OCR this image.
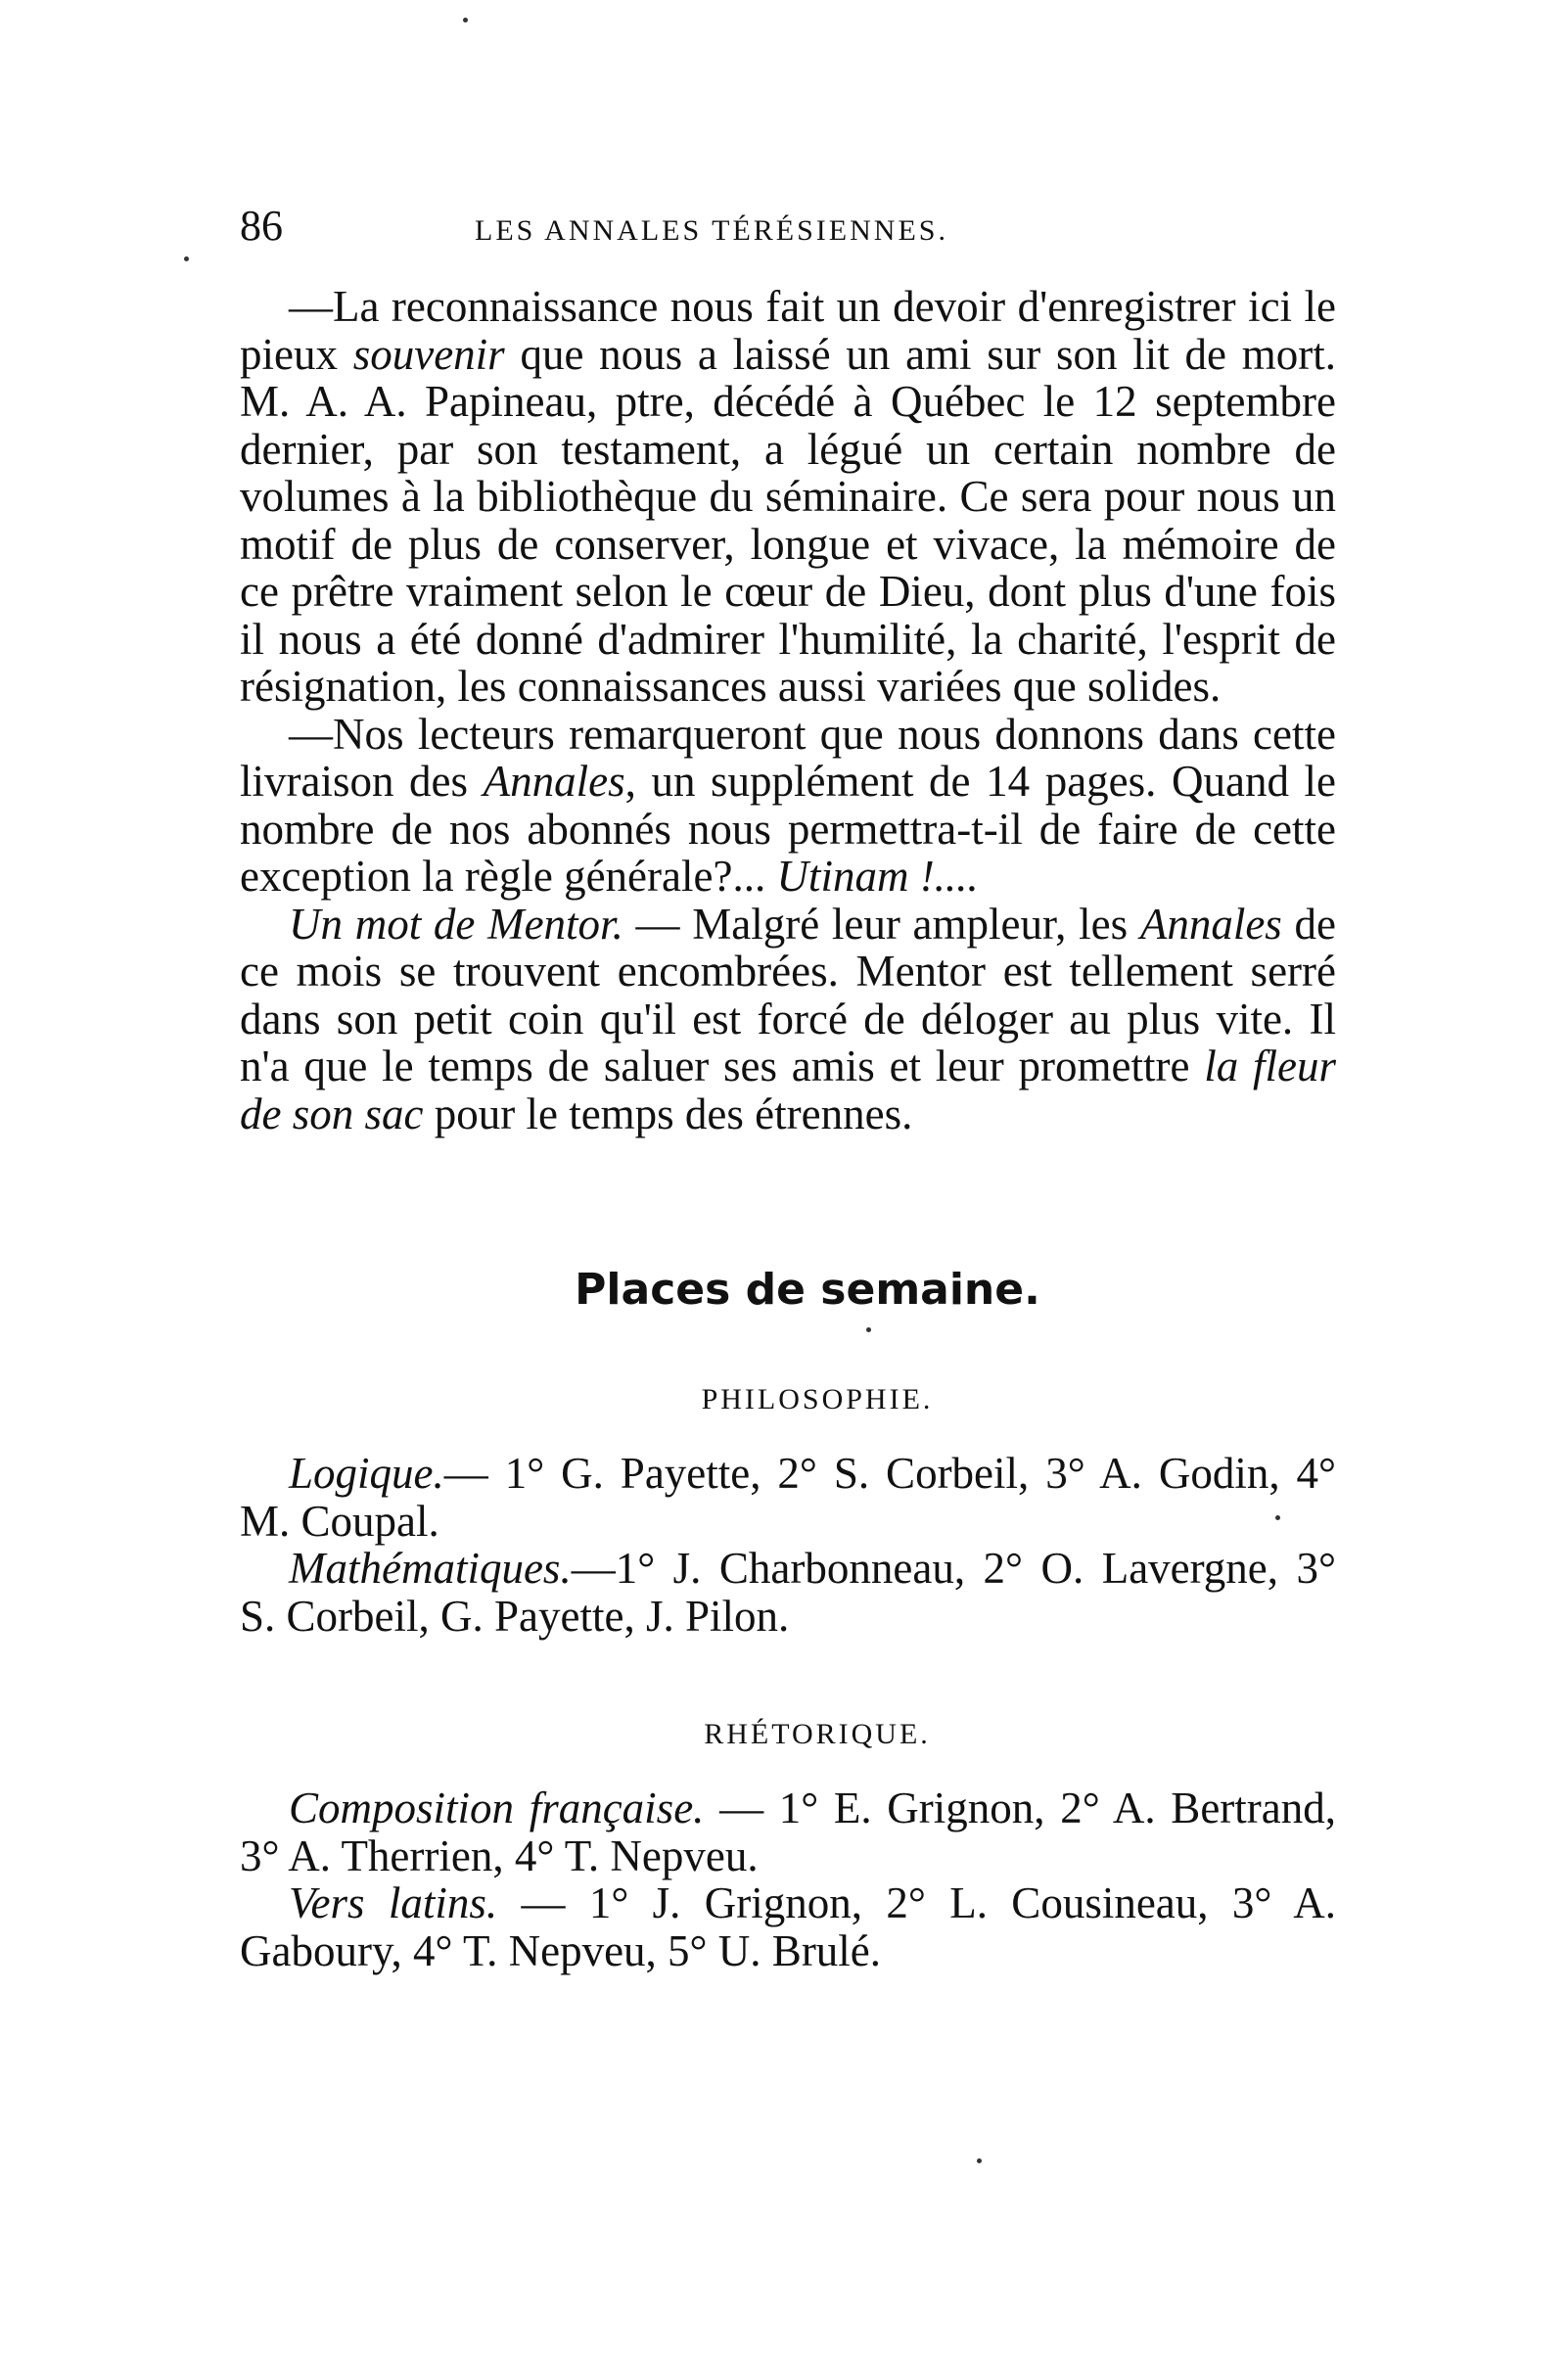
86	LES ANNALES TÉRÉSIENNES.

—La reconnaissance nous fait un devoir d'enregistrer ici le pieux souvenir que nous a laissé un ami sur son lit de mort. M. A. A. Papineau, ptre, décédé à Québec le 12 septembre dernier, par son testament, a légué un certain nombre de volumes à la bibliothèque du séminaire. Ce sera pour nous un motif de plus de conserver, longue et vivace, la mémoire de ce prêtre vraiment selon le cœur de Dieu, dont plus d'une fois il nous a été donné d'admirer l'humilité, la charité, l'esprit de résignation, les connaissances aussi variées que solides.

—Nos lecteurs remarqueront que nous donnons dans cette livraison des Annales, un supplément de 14 pages. Quand le nombre de nos abonnés nous permettra-t-il de faire de cette exception la règle générale?... Utinam !....

Un mot de Mentor. — Malgré leur ampleur, les Annales de ce mois se trouvent encombrées. Mentor est tellement serré dans son petit coin qu'il est forcé de déloger au plus vite. Il n'a que le temps de saluer ses amis et leur promettre la fleur de son sac pour le temps des étrennes.

Places de semaine.
PHILOSOPHIE.

Logique.— 1° G. Payette, 2° S. Corbeil, 3° A. Godin, 4° M. Coupal.

Mathématiques.—1° J. Charbonneau, 2° O. Lavergne, 3° S. Corbeil, G. Payette, J. Pilon.

RHÉTORIQUE.

Composition française. — 1° E. Grignon, 2° A. Bertrand, 3° A. Therrien, 4° T. Nepveu.

Vers latins. — 1° J. Grignon, 2° L. Cousineau, 3° A. Gaboury, 4° T. Nepveu, 5° U. Brulé.
